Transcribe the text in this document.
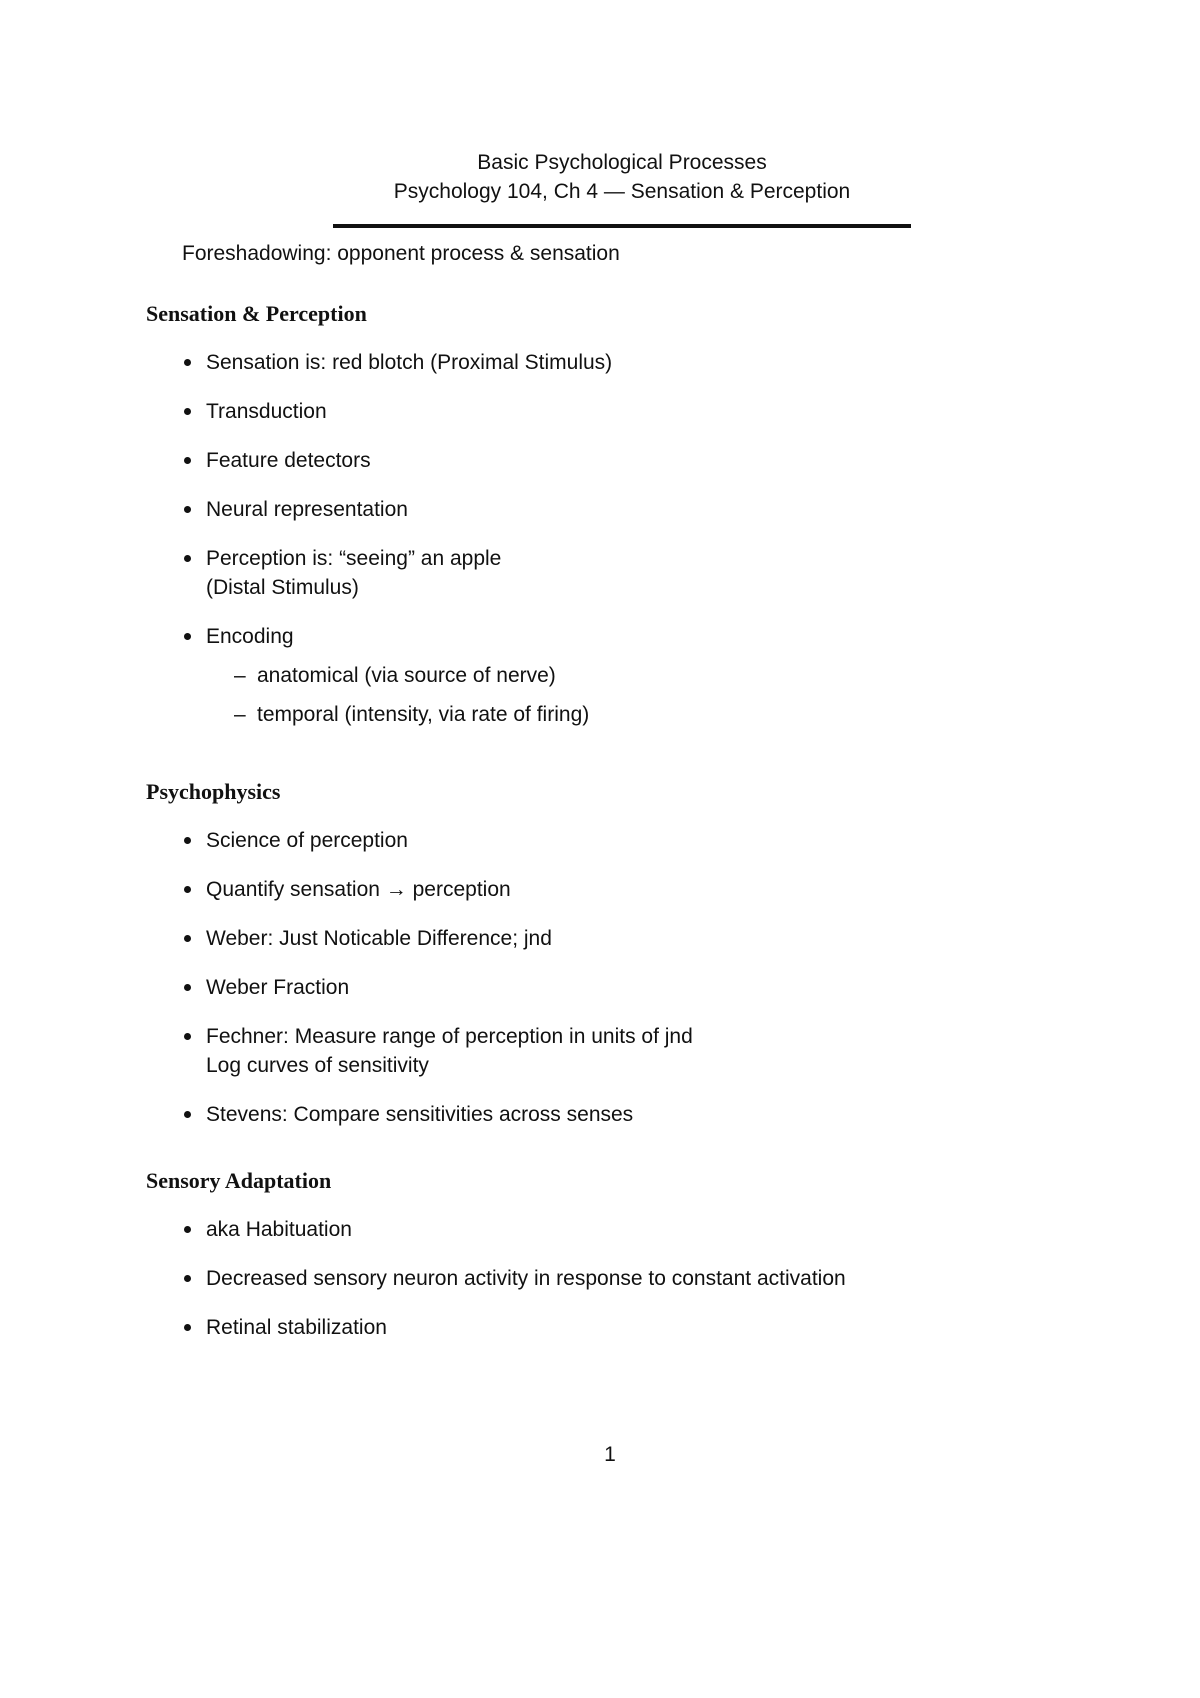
Basic Psychological Processes
Psychology 104, Ch 4 — Sensation & Perception
Foreshadowing: opponent process & sensation
Sensation & Perception
Sensation is: red blotch (Proximal Stimulus)
Transduction
Feature detectors
Neural representation
Perception is: “seeing” an apple
(Distal Stimulus)
Encoding
– anatomical (via source of nerve)
– temporal (intensity, via rate of firing)
Psychophysics
Science of perception
Quantify sensation → perception
Weber: Just Noticable Difference; jnd
Weber Fraction
Fechner: Measure range of perception in units of jnd
Log curves of sensitivity
Stevens: Compare sensitivities across senses
Sensory Adaptation
aka Habituation
Decreased sensory neuron activity in response to constant activation
Retinal stabilization
1
